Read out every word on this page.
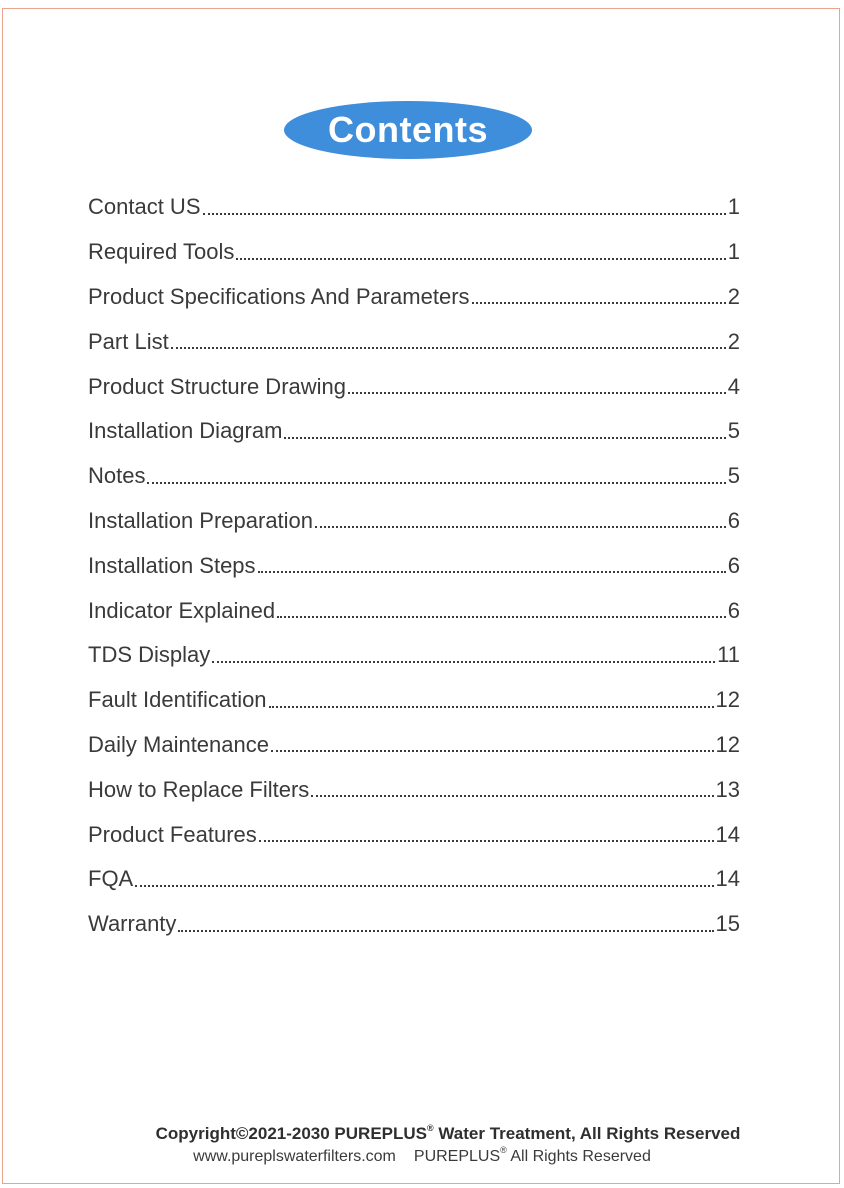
Contents
Contact US	1
Required Tools	1
Product Specifications And Parameters	2
Part List	2
Product Structure Drawing	4
Installation Diagram	5
Notes	5
Installation Preparation	6
Installation Steps	6
Indicator Explained	6
TDS Display	11
Fault Identification	12
Daily Maintenance	12
How to Replace Filters	13
Product Features	14
FQA	14
Warranty	15
Copyright©2021-2030 PUREPLUS® Water Treatment, All Rights Reserved
www.pureplswaterfilters.com PUREPLUS® All Rights Reserved
